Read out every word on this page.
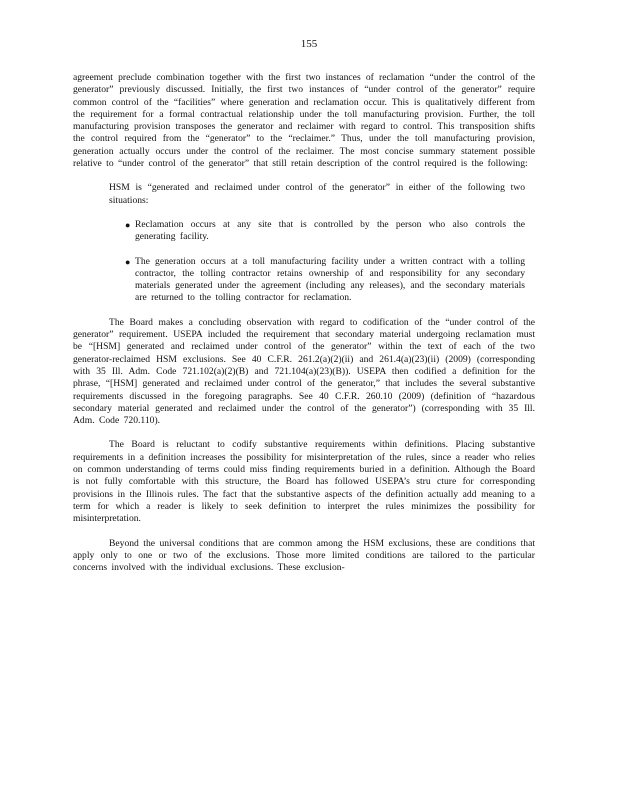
155

agreement preclude combination together with the first two instances of reclamation “under the control of the generator” previously discussed. Initially, the first two instances of “under control of the generator” require common control of the “facilities” where generation and reclamation occur. This is qualitatively different from the requirement for a formal contractual relationship under the toll manufacturing provision. Further, the toll manufacturing provision transposes the generator and reclaimer with regard to control. This transposition shifts the control required from the “generator” to the “reclaimer.” Thus, under the toll manufacturing provision, generation actually occurs under the control of the reclaimer. The most concise summary statement possible relative to “under control of the generator” that still retain description of the control required is the following:

HSM is “generated and reclaimed under control of the generator” in either of the following two situations:

● Reclamation occurs at any site that is controlled by the person who also controls the generating facility.
● The generation occurs at a toll manufacturing facility under a written contract with a tolling contractor, the tolling contractor retains ownership of and responsibility for any secondary materials generated under the agreement (including any releases), and the secondary materials are returned to the tolling contractor for reclamation.

The Board makes a concluding observation with regard to codification of the “under control of the generator” requirement. USEPA included the requirement that secondary material undergoing reclamation must be “[HSM] generated and reclaimed under control of the generator” within the text of each of the two generator-reclaimed HSM exclusions. See 40 C.F.R. 261.2(a)(2)(ii) and 261.4(a)(23)(ii) (2009) (corresponding with 35 Ill. Adm. Code 721.102(a)(2)(B) and 721.104(a)(23)(B)). USEPA then codified a definition for the phrase, “[HSM] generated and reclaimed under control of the generator,” that includes the several substantive requirements discussed in the foregoing paragraphs. See 40 C.F.R. 260.10 (2009) (definition of “hazardous secondary material generated and reclaimed under the control of the generator”) (corresponding with 35 Ill. Adm. Code 720.110).

The Board is reluctant to codify substantive requirements within definitions. Placing substantive requirements in a definition increases the possibility for misinterpretation of the rules, since a reader who relies on common understanding of terms could miss finding requirements buried in a definition. Although the Board is not fully comfortable with this structure, the Board has followed USEPA’s stru cture for corresponding provisions in the Illinois rules. The fact that the substantive aspects of the definition actually add meaning to a term for which a reader is likely to seek definition to interpret the rules minimizes the possibility for misinterpretation.

Beyond the universal conditions that are common among the HSM exclusions, these are conditions that apply only to one or two of the exclusions. Those more limited conditions are tailored to the particular concerns involved with the individual exclusions. These exclusion-
